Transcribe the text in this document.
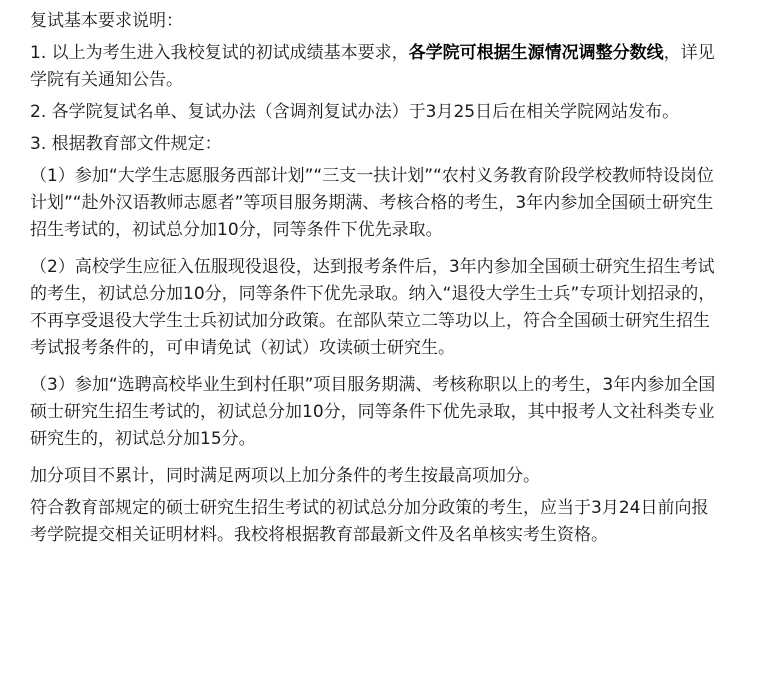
复试基本要求说明：

1. 以上为考生进入我校复试的初试成绩基本要求，各学院可根据生源情况调整分数线，详见学院有关通知公告。

2. 各学院复试名单、复试办法（含调剂复试办法）于3月25日后在相关学院网站发布。

3. 根据教育部文件规定：

（1）参加“大学生志愿服务西部计划”“三支一扶计划”“农村义务教育阶段学校教师特设岗位计划”“赴外汉语教师志愿者”等项目服务期满、考核合格的考生，3年内参加全国硕士研究生招生考试的，初试总分加10分，同等条件下优先录取。

（2）高校学生应征入伍服现役退役，达到报考条件后，3年内参加全国硕士研究生招生考试的考生，初试总分加10分，同等条件下优先录取。纳入“退役大学生士兵”专项计划招录的，不再享受退役大学生士兵初试加分政策。在部队荣立二等功以上，符合全国硕士研究生招生考试报考条件的，可申请免试（初试）攻读硕士研究生。

（3）参加“选聘高校毕业生到村任职”项目服务期满、考核称职以上的考生，3年内参加全国硕士研究生招生考试的，初试总分加10分，同等条件下优先录取，其中报考人文社科类专业研究生的，初试总分加15分。

加分项目不累计，同时满足两项以上加分条件的考生按最高项加分。

符合教育部规定的硕士研究生招生考试的初试总分加分政策的考生，应当于3月24日前向报考学院提交相关证明材料。我校将根据教育部最新文件及名单核实考生资格。
